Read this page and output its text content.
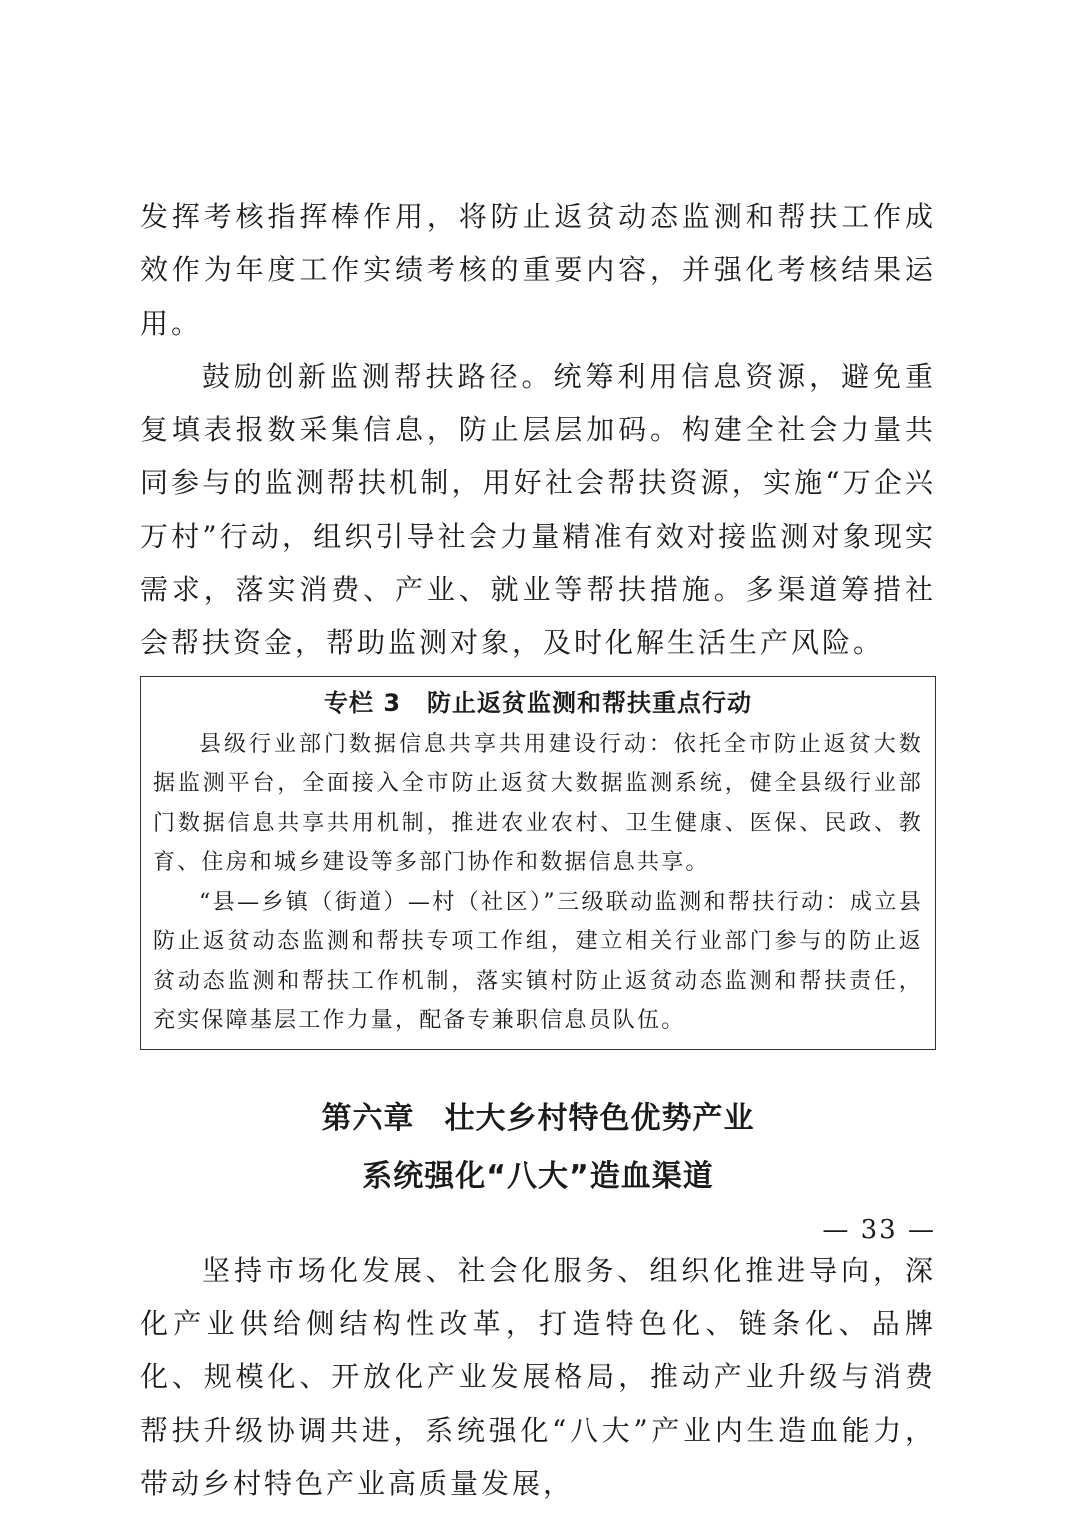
发挥考核指挥棒作用，将防止返贫动态监测和帮扶工作成效作为年度工作实绩考核的重要内容，并强化考核结果运用。

鼓励创新监测帮扶路径。统筹利用信息资源，避免重复填表报数采集信息，防止层层加码。构建全社会力量共同参与的监测帮扶机制，用好社会帮扶资源，实施“万企兴万村”行动，组织引导社会力量精准有效对接监测对象现实需求，落实消费、产业、就业等帮扶措施。多渠道筹措社会帮扶资金，帮助监测对象，及时化解生活生产风险。

专栏 3 防止返贫监测和帮扶重点行动

县级行业部门数据信息共享共用建设行动：依托全市防止返贫大数据监测平台，全面接入全市防止返贫大数据监测系统，健全县级行业部门数据信息共享共用机制，推进农业农村、卫生健康、医保、民政、教育、住房和城乡建设等多部门协作和数据信息共享。

“县—乡镇（街道）—村（社区）”三级联动监测和帮扶行动：成立县防止返贫动态监测和帮扶专项工作组，建立相关行业部门参与的防止返贫动态监测和帮扶工作机制，落实镇村防止返贫动态监测和帮扶责任，充实保障基层工作力量，配备专兼职信息员队伍。

第六章 壮大乡村特色优势产业
系统强化“八大”造血渠道

坚持市场化发展、社会化服务、组织化推进导向，深化产业供给侧结构性改革，打造特色化、链条化、品牌化、规模化、开放化产业发展格局，推动产业升级与消费帮扶升级协调共进，系统强化“八大”产业内生造血能力，带动乡村特色产业高质量发展，

— 33 —
